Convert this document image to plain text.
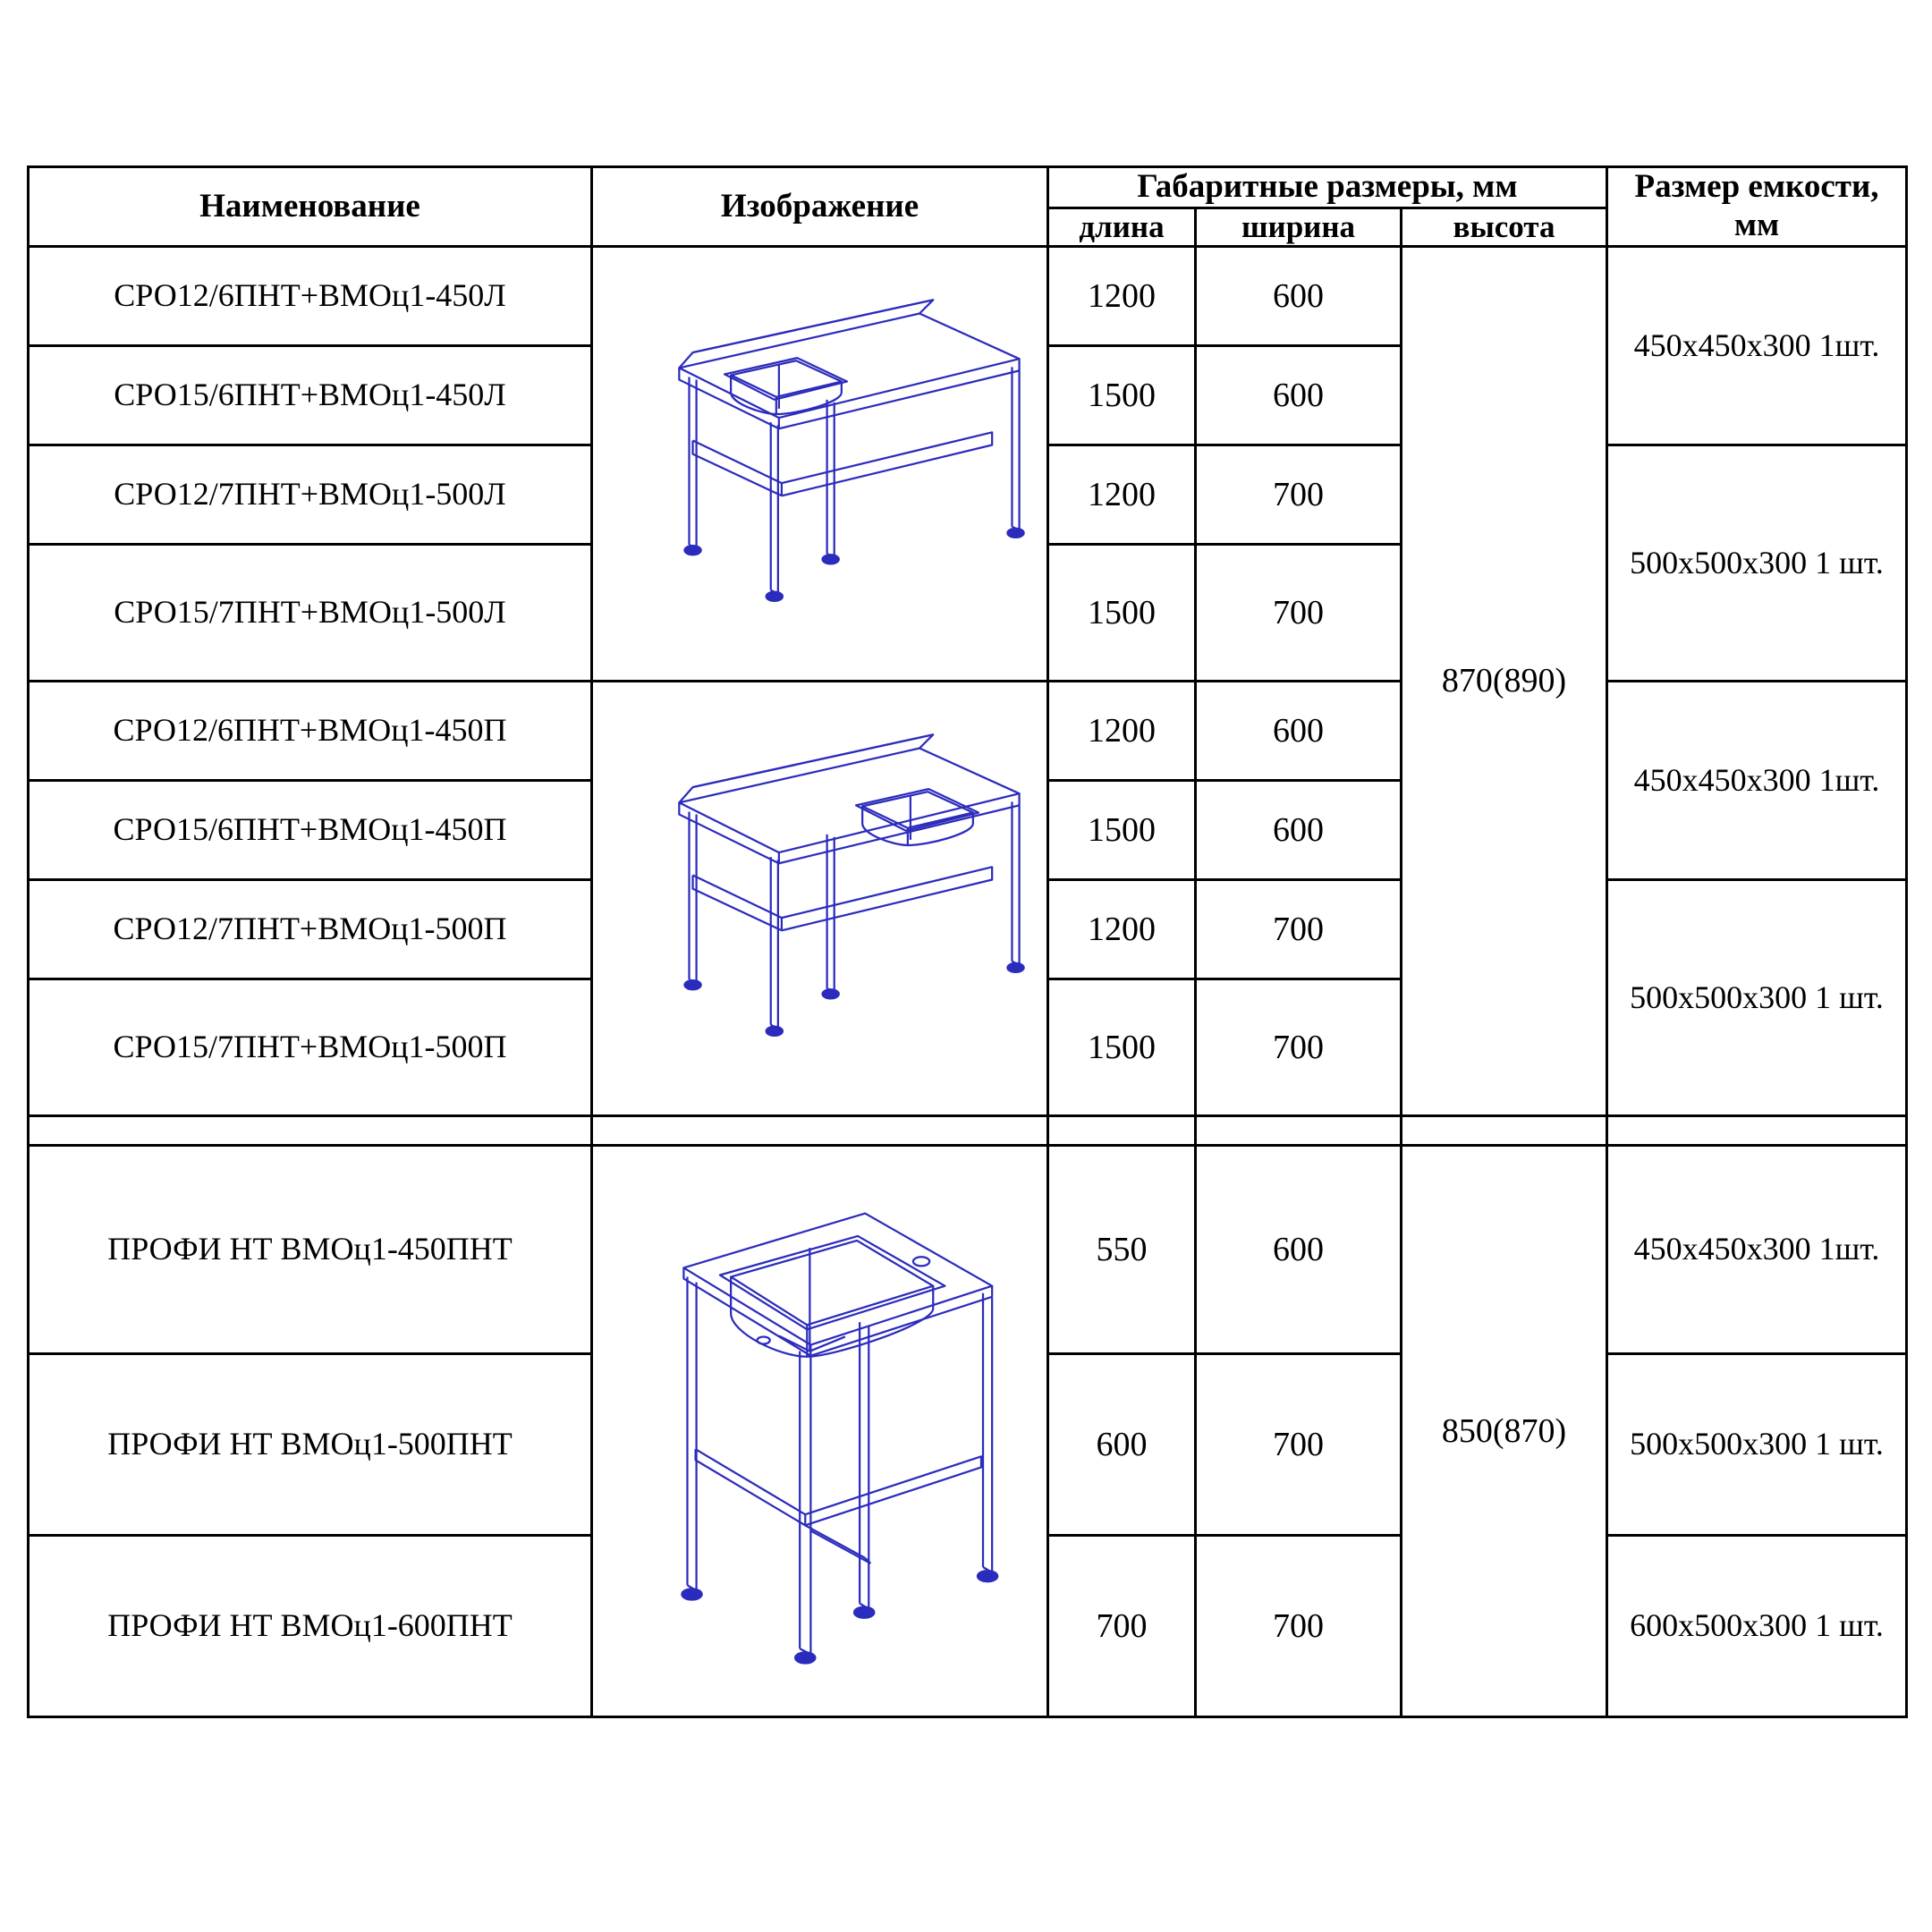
Наименование	Изображение	Габаритные размеры, мм			Размер емкости, мм
		длина	ширина	высота	
СРО12/6ПНТ+ВМОц1-450Л		1200	600	870(890)	450х450х300 1шт.
СРО15/6ПНТ+ВМОц1-450Л		1500	600		
СРО12/7ПНТ+ВМОц1-500Л		1200	700		500х500х300 1 шт.
СРО15/7ПНТ+ВМОц1-500Л		1500	700		
СРО12/6ПНТ+ВМОц1-450П		1200	600		450х450х300 1шт.
СРО15/6ПНТ+ВМОц1-450П		1500	600		
СРО12/7ПНТ+ВМОц1-500П		1200	700		500х500х300 1 шт.
СРО15/7ПНТ+ВМОц1-500П		1500	700		

ПРОФИ НТ ВМОц1-450ПНТ		550	600	850(870)	450х450х300 1шт.
ПРОФИ НТ ВМОц1-500ПНТ		600	700		500х500х300 1 шт.
ПРОФИ НТ ВМОц1-600ПНТ		700	700		600х500х300 1 шт.
